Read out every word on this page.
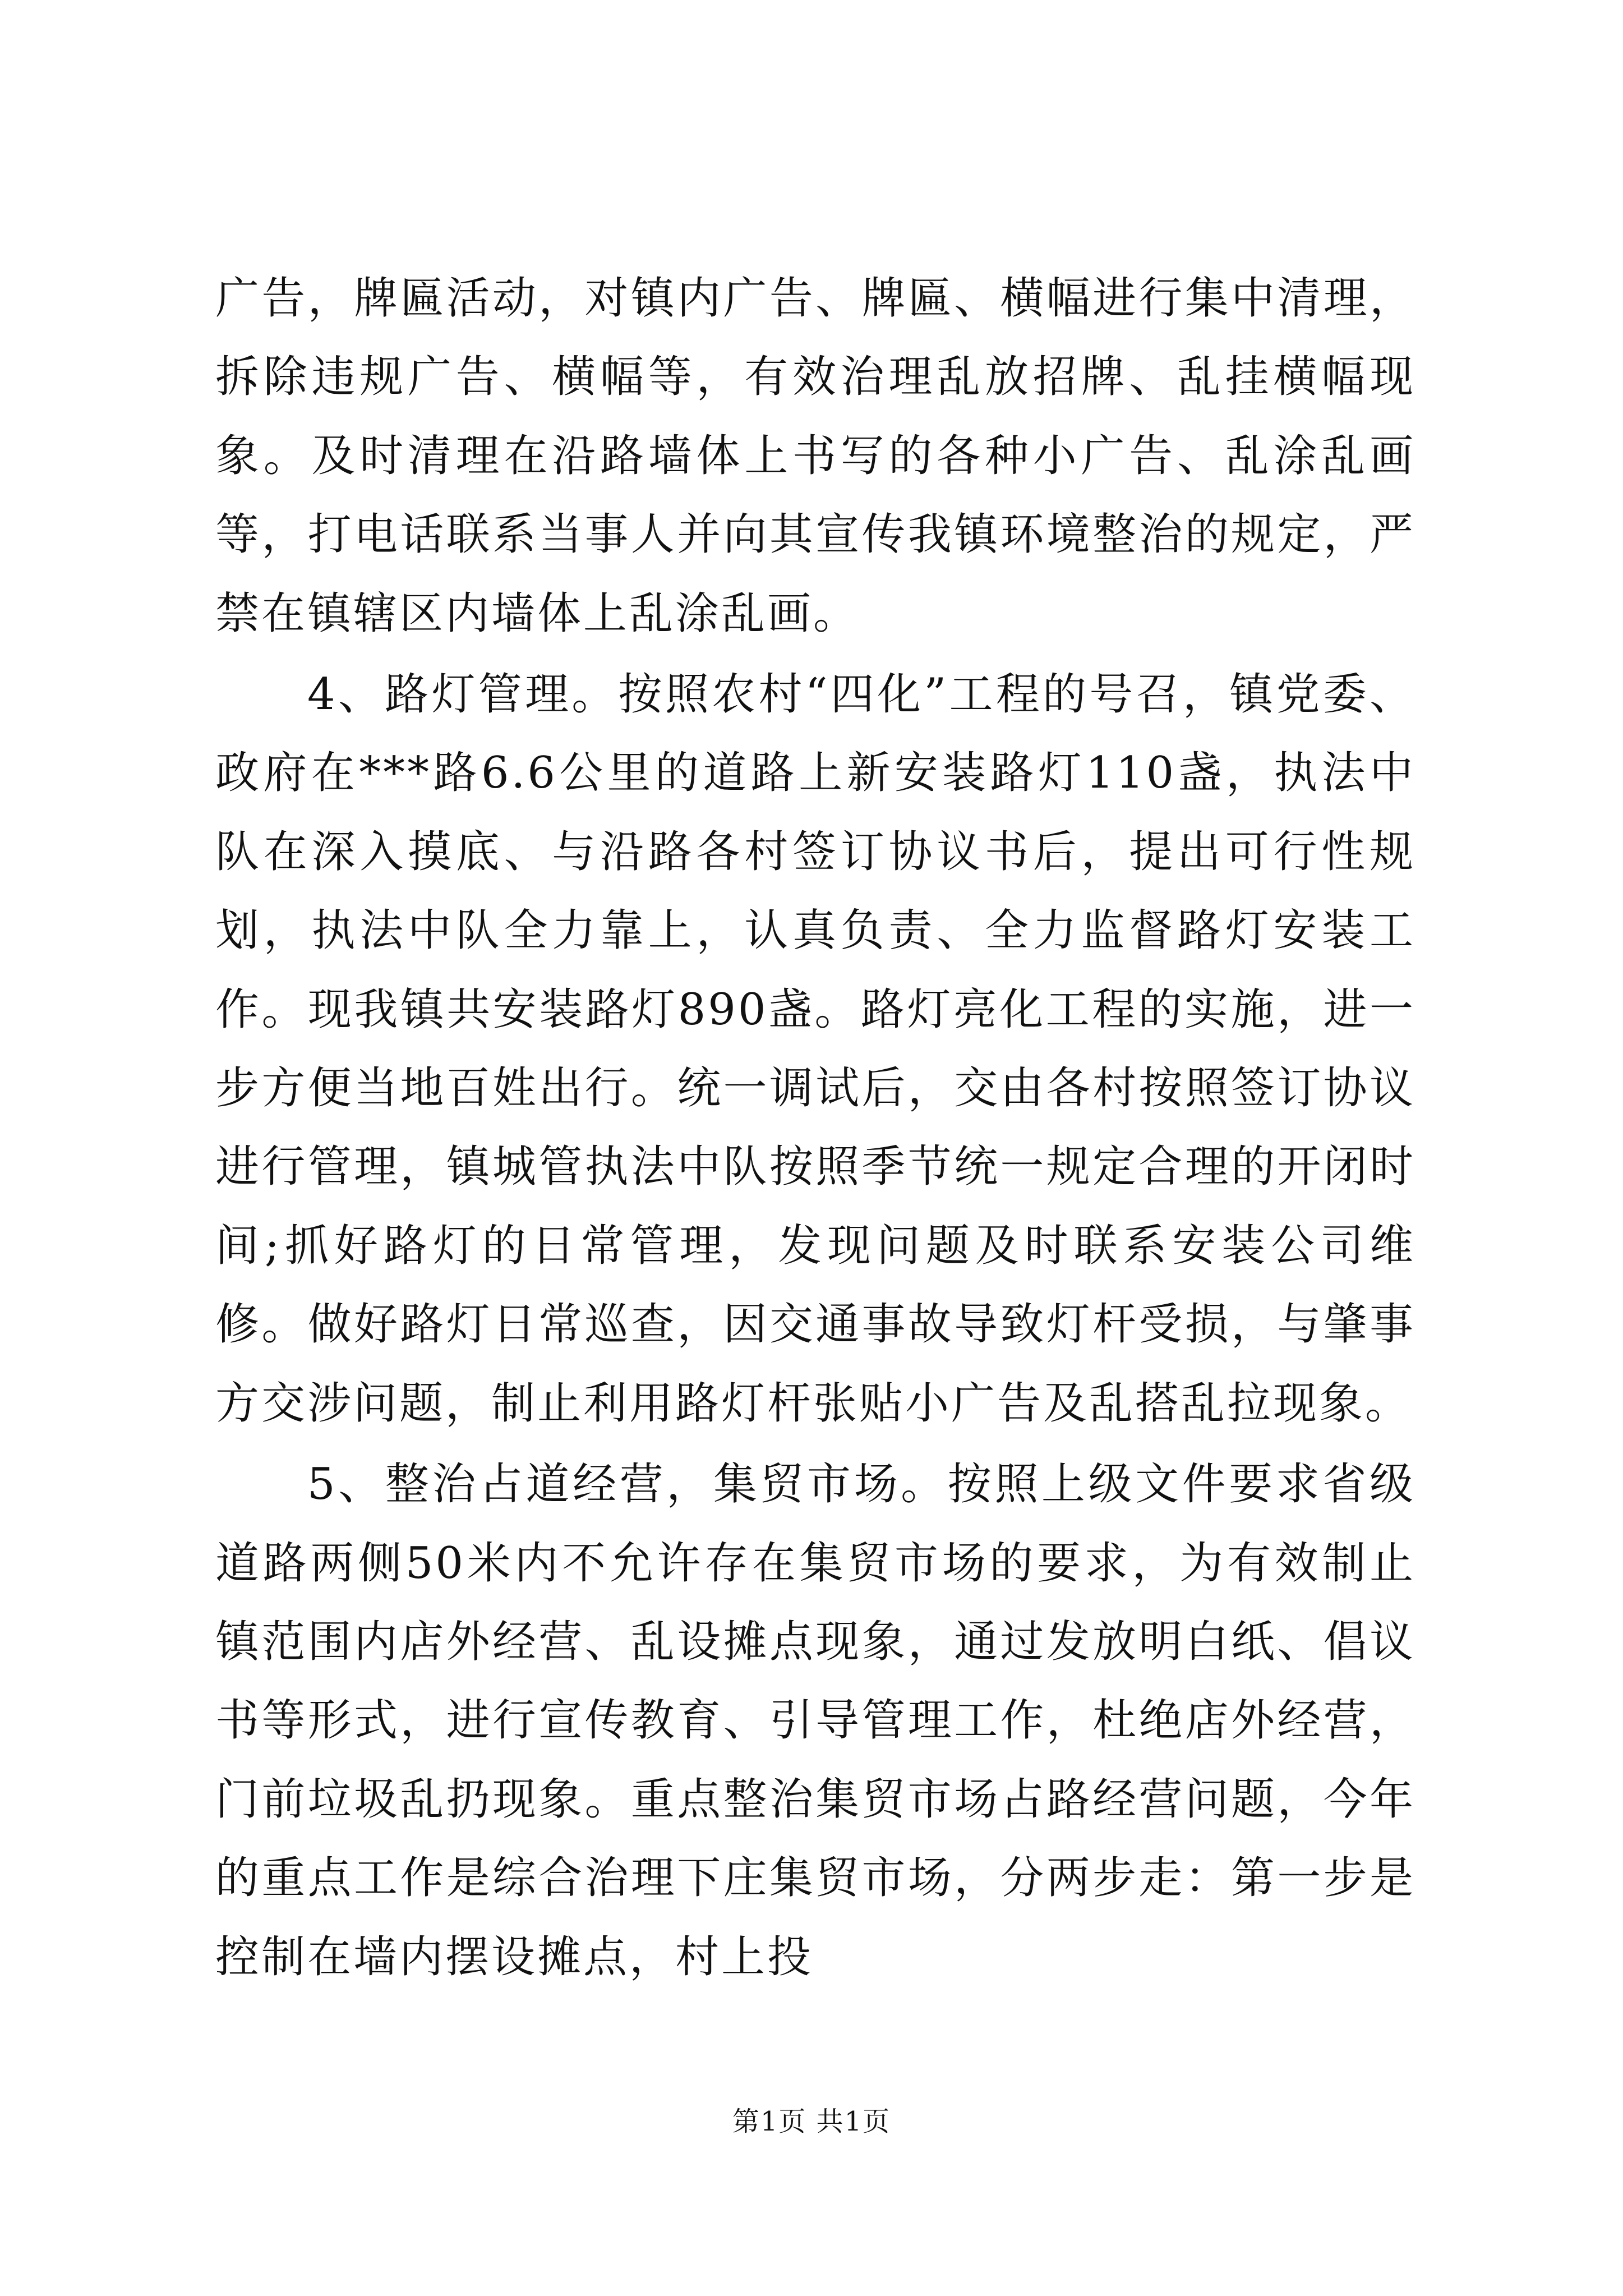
广告，牌匾活动，对镇内广告、牌匾、横幅进行集中清理，拆除违规广告、横幅等，有效治理乱放招牌、乱挂横幅现象。及时清理在沿路墙体上书写的各种小广告、乱涂乱画等，打电话联系当事人并向其宣传我镇环境整治的规定，严禁在镇辖区内墙体上乱涂乱画。

4、路灯管理。按照农村“四化”工程的号召，镇党委、政府在***路6.6公里的道路上新安装路灯110盏，执法中队在深入摸底、与沿路各村签订协议书后，提出可行性规划，执法中队全力靠上，认真负责、全力监督路灯安装工作。现我镇共安装路灯890盏。路灯亮化工程的实施，进一步方便当地百姓出行。统一调试后，交由各村按照签订协议进行管理，镇城管执法中队按照季节统一规定合理的开闭时间;抓好路灯的日常管理，发现问题及时联系安装公司维修。做好路灯日常巡查，因交通事故导致灯杆受损，与肇事方交涉问题，制止利用路灯杆张贴小广告及乱搭乱拉现象。

5、整治占道经营，集贸市场。按照上级文件要求省级道路两侧50米内不允许存在集贸市场的要求，为有效制止镇范围内店外经营、乱设摊点现象，通过发放明白纸、倡议书等形式，进行宣传教育、引导管理工作，杜绝店外经营，门前垃圾乱扔现象。重点整治集贸市场占路经营问题，今年的重点工作是综合治理下庄集贸市场，分两步走：第一步是控制在墙内摆设摊点，村上投

第1页 共1页
